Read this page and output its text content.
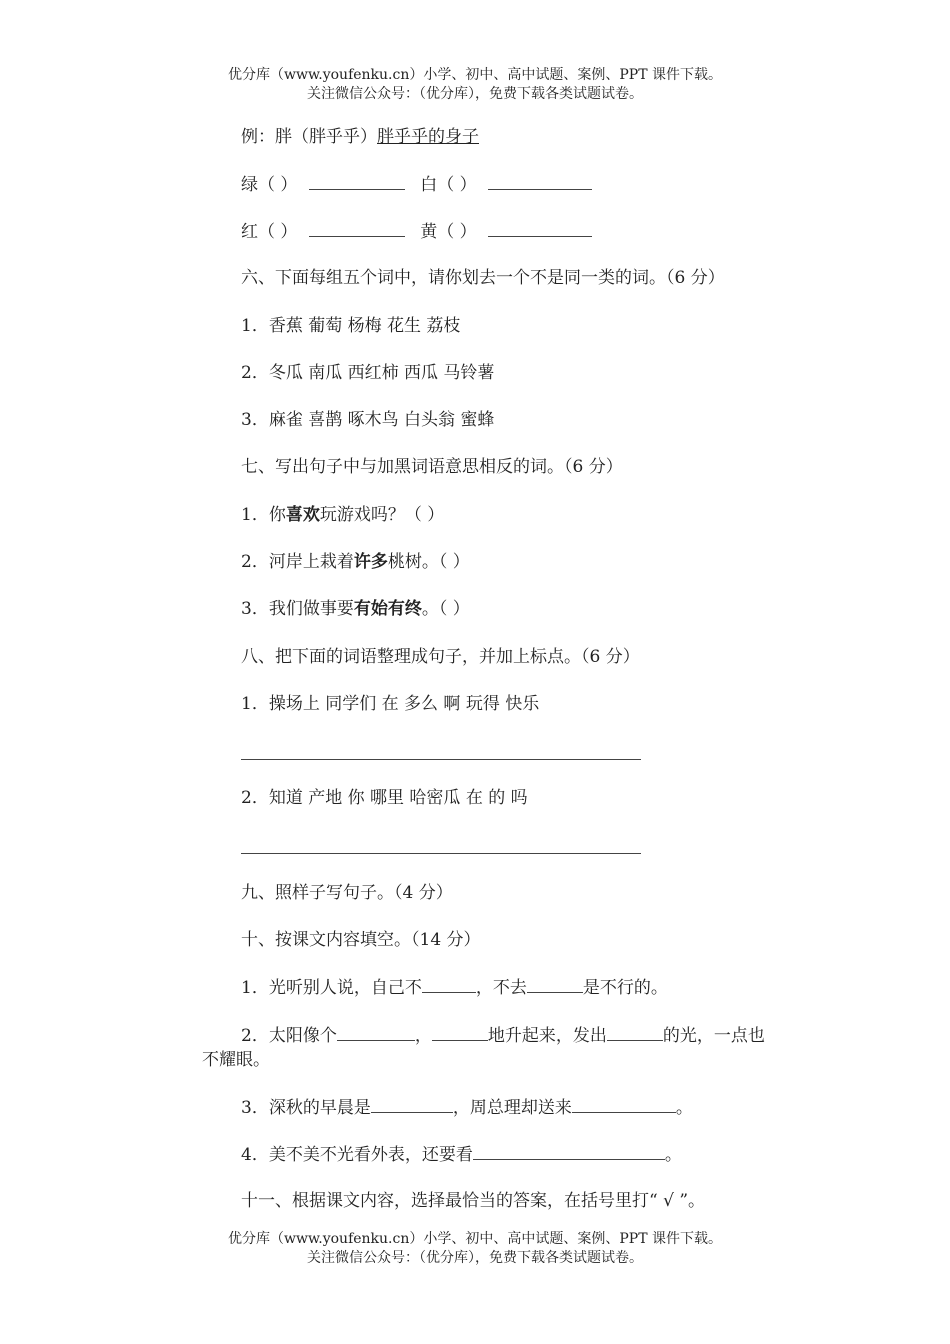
优分库（www.youfenku.cn）小学、初中、高中试题、案例、PPT 课件下载。
关注微信公众号：（优分库），免费下载各类试题试卷。
例：胖（胖乎乎）胖乎乎的身子
绿（ ）	白（ ）
红（ ）	黄（ ）
六、下面每组五个词中，请你划去一个不是同一类的词。（6 分）
1．香蕉 葡萄 杨梅 花生 荔枝
2．冬瓜 南瓜 西红柿 西瓜 马铃薯
3．麻雀 喜鹊 啄木鸟 白头翁 蜜蜂
七、写出句子中与加黑词语意思相反的词。（6 分）
1．你喜欢玩游戏吗？（ ）
2．河岸上栽着许多桃树。（ ）
3．我们做事要有始有终。（ ）
八、把下面的词语整理成句子，并加上标点。（6 分）
1．操场上 同学们 在 多么 啊 玩得 快乐
2．知道 产地 你 哪里 哈密瓜 在 的 吗
九、照样子写句子。（4 分）
十、按课文内容填空。（14 分）
1．光听别人说，自己不	，不去	是不行的。
2．太阳像个	，	地升起来，发出	的光，一点也
不耀眼。
3．深秋的早晨是	，周总理却送来	。
4．美不美不光看外表，还要看	。
十一、根据课文内容，选择最恰当的答案，在括号里打“ √ ”。
优分库（www.youfenku.cn）小学、初中、高中试题、案例、PPT 课件下载。
关注微信公众号：（优分库），免费下载各类试题试卷。
